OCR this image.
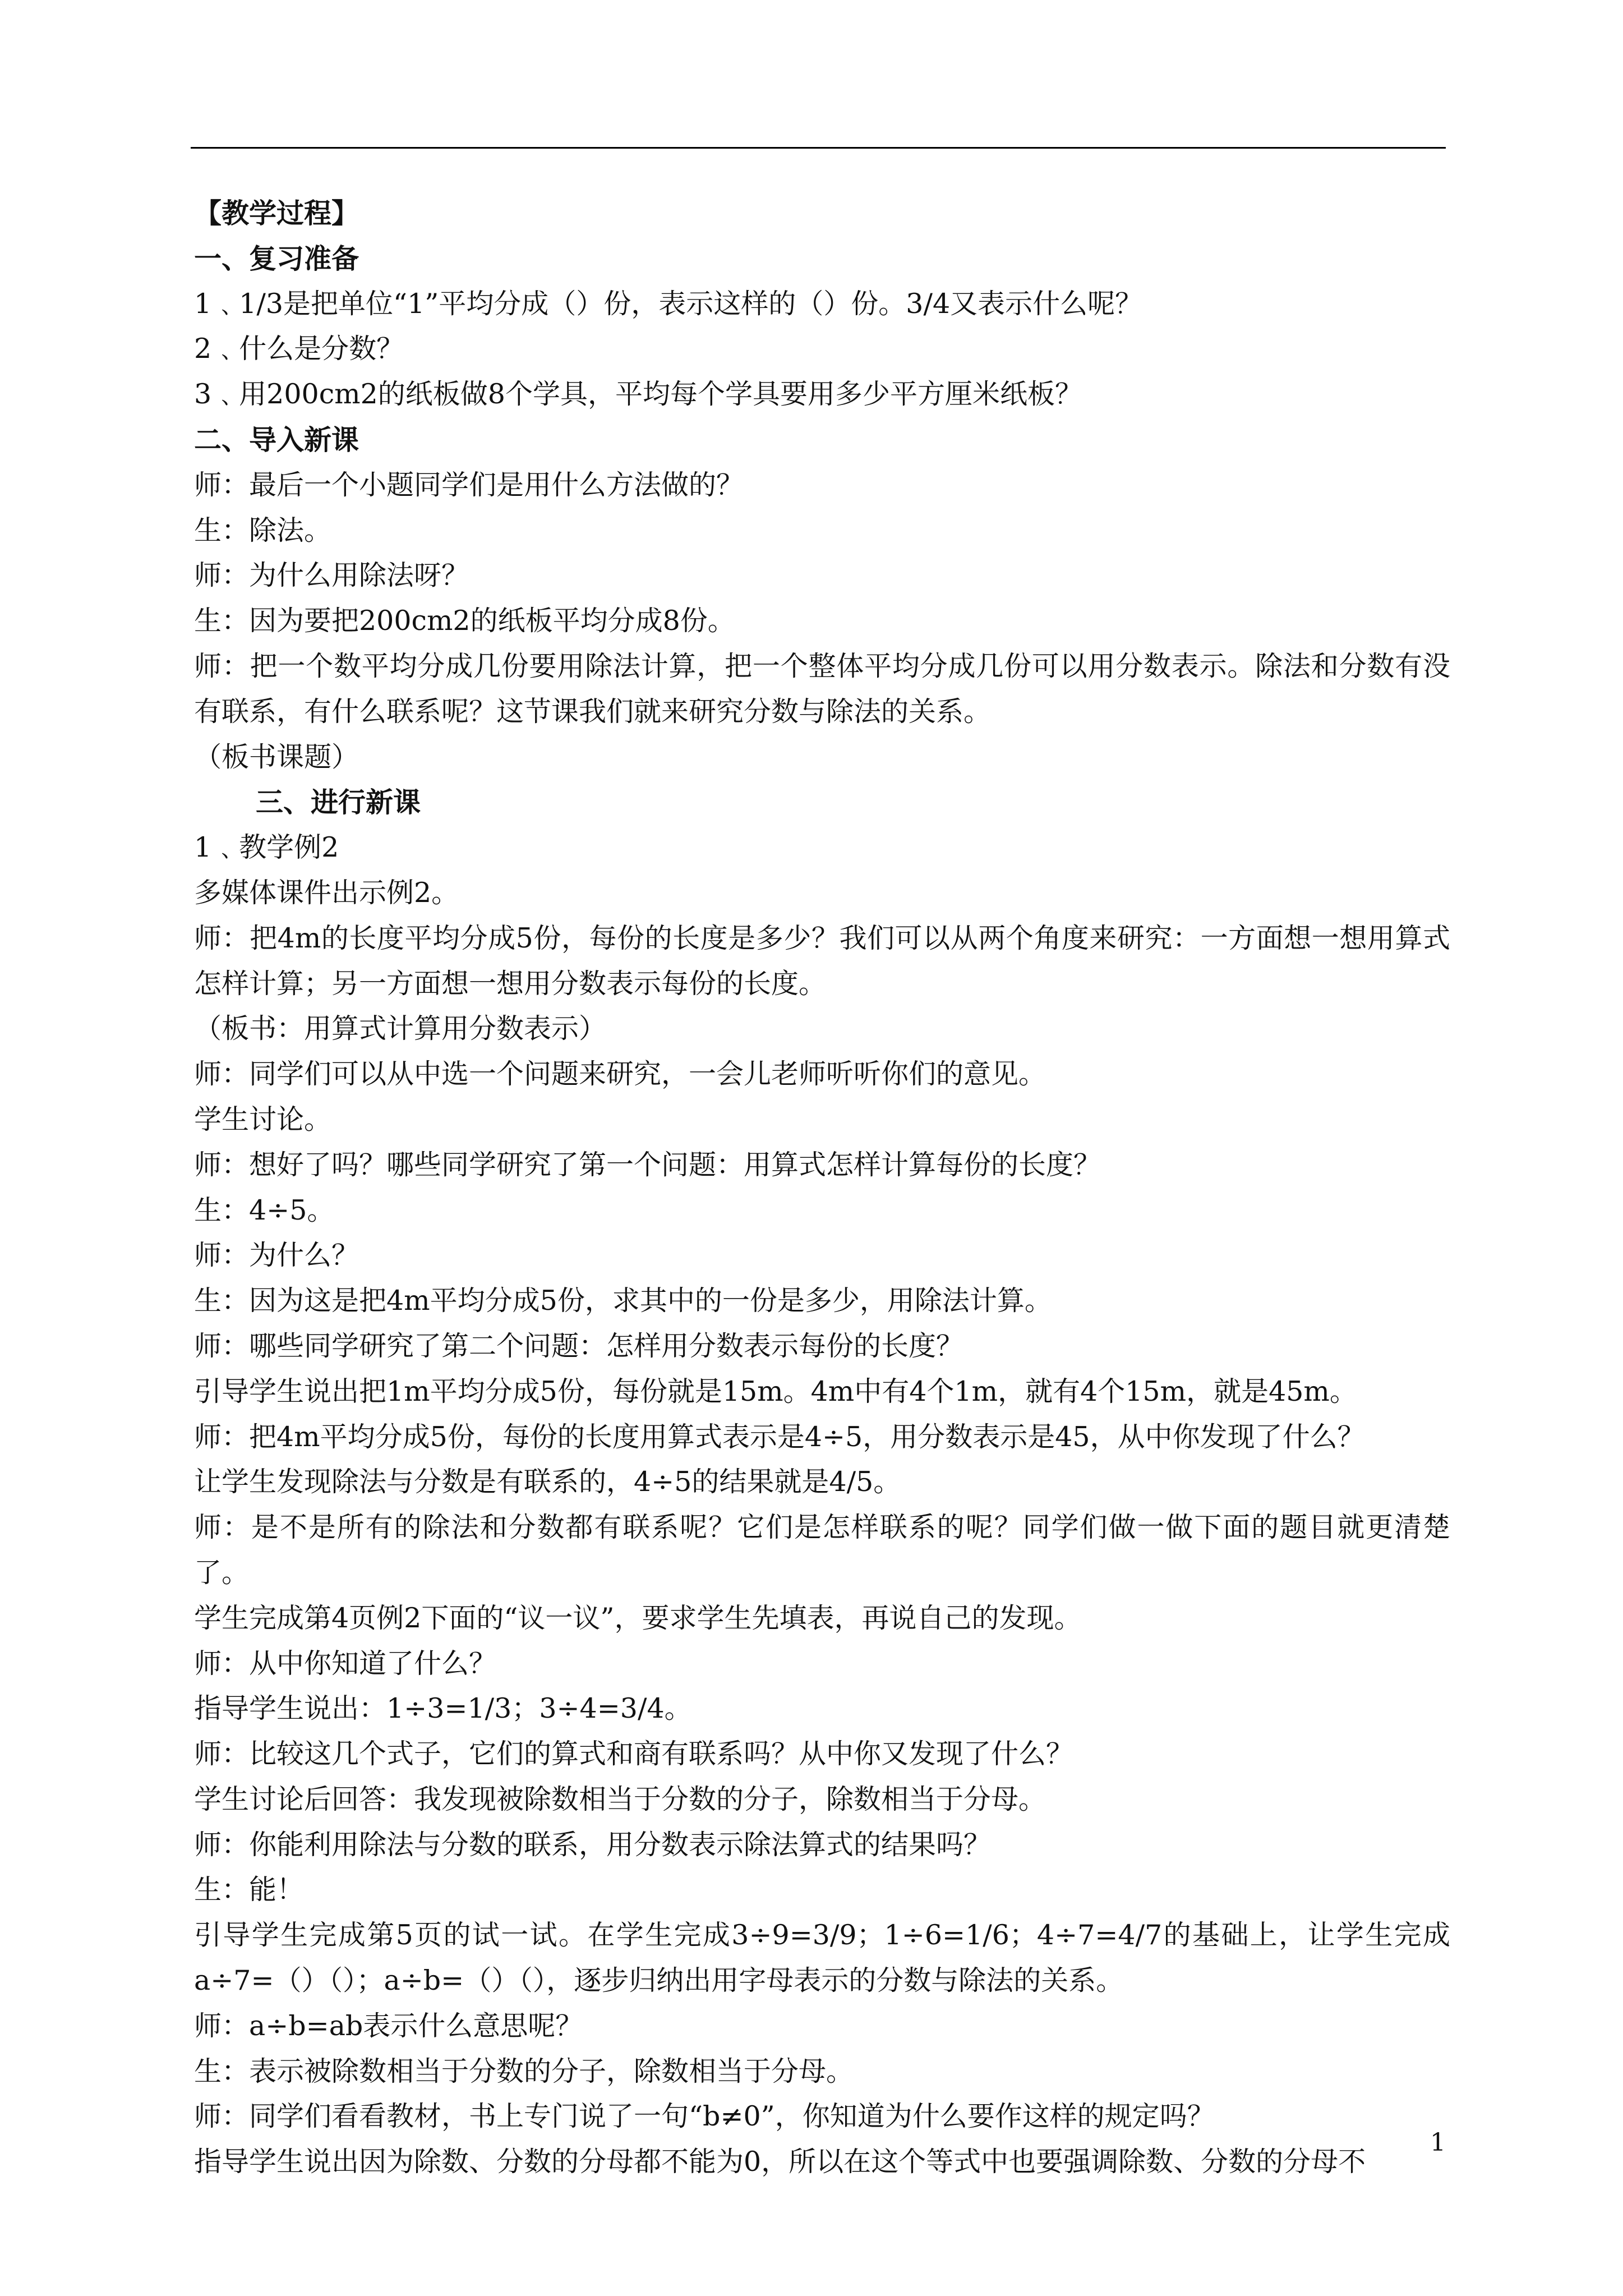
【教学过程】
一、复习准备
1﹑1/3是把单位“1”平均分成（）份，表示这样的（）份。3/4又表示什么呢？
2﹑什么是分数？
3﹑用200cm2的纸板做8个学具，平均每个学具要用多少平方厘米纸板？
二、导入新课
师：最后一个小题同学们是用什么方法做的？
生：除法。
师：为什么用除法呀？
生：因为要把200cm2的纸板平均分成8份。
师：把一个数平均分成几份要用除法计算，把一个整体平均分成几份可以用分数表示。除法和分数有没有联系，有什么联系呢？这节课我们就来研究分数与除法的关系。
（板书课题）
三、进行新课
1﹑教学例2
多媒体课件出示例2。
师：把4m的长度平均分成5份，每份的长度是多少？我们可以从两个角度来研究：一方面想一想用算式怎样计算；另一方面想一想用分数表示每份的长度。
（板书：用算式计算用分数表示）
师：同学们可以从中选一个问题来研究，一会儿老师听听你们的意见。
学生讨论。
师：想好了吗？哪些同学研究了第一个问题：用算式怎样计算每份的长度？
生：4÷5。
师：为什么？
生：因为这是把4m平均分成5份，求其中的一份是多少，用除法计算。
师：哪些同学研究了第二个问题：怎样用分数表示每份的长度？
引导学生说出把1m平均分成5份，每份就是15m。4m中有4个1m，就有4个15m，就是45m。
师：把4m平均分成5份，每份的长度用算式表示是4÷5，用分数表示是45，从中你发现了什么？
让学生发现除法与分数是有联系的，4÷5的结果就是4/5。
师：是不是所有的除法和分数都有联系呢？它们是怎样联系的呢？同学们做一做下面的题目就更清楚了。
学生完成第4页例2下面的“议一议”，要求学生先填表，再说自己的发现。
师：从中你知道了什么？
指导学生说出：1÷3=1/3；3÷4=3/4。
师：比较这几个式子，它们的算式和商有联系吗？从中你又发现了什么？
学生讨论后回答：我发现被除数相当于分数的分子，除数相当于分母。
师：你能利用除法与分数的联系，用分数表示除法算式的结果吗？
生：能！
引导学生完成第5页的试一试。在学生完成3÷9=3/9；1÷6=1/6；4÷7=4/7的基础上，让学生完成a÷7=（）（）；a÷b=（）（），逐步归纳出用字母表示的分数与除法的关系。
师：a÷b=ab表示什么意思呢？
生：表示被除数相当于分数的分子，除数相当于分母。
师：同学们看看教材，书上专门说了一句“b≠0”，你知道为什么要作这样的规定吗？
指导学生说出因为除数、分数的分母都不能为0，所以在这个等式中也要强调除数、分数的分母不
1
